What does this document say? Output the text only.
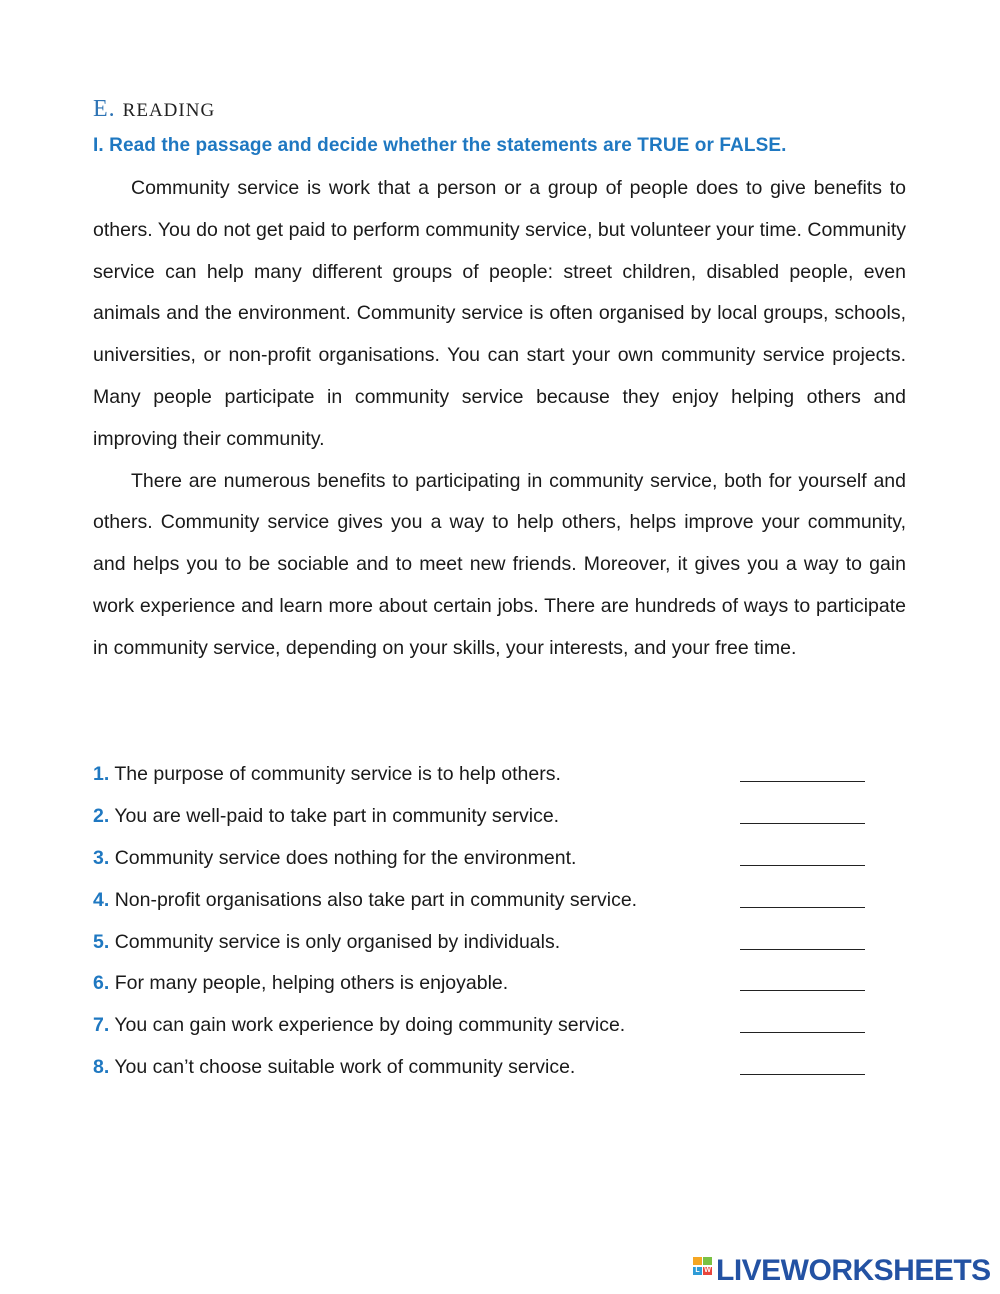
E. reading
I. Read the passage and decide whether the statements are TRUE or FALSE.

Community service is work that a person or a group of people does to give benefits to others. You do not get paid to perform community service, but volunteer your time. Community service can help many different groups of people: street children, disabled people, even animals and the environment. Community service is often organised by local groups, schools, universities, or non-profit organisations. You can start your own community service projects. Many people participate in community service because they enjoy helping others and improving their community.

There are numerous benefits to participating in community service, both for yourself and others. Community service gives you a way to help others, helps improve your community, and helps you to be sociable and to meet new friends. Moreover, it gives you a way to gain work experience and learn more about certain jobs. There are hundreds of ways to participate in community service, depending on your skills, your interests, and your free time.

1. The purpose of community service is to help others.
2. You are well-paid to take part in community service.
3. Community service does nothing for the environment.
4. Non-profit organisations also take part in community service.
5. Community service is only organised by individuals.
6. For many people, helping others is enjoyable.
7. You can gain work experience by doing community service.
8. You can’t choose suitable work of community service.
L W LIVEWORKSHEETS
